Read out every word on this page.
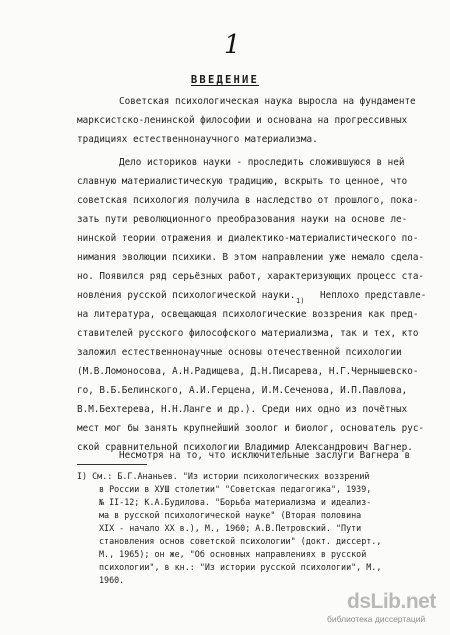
1
ВВЕДЕНИЕ
Советская психологическая наука выросла на фундаменте
марксистско-ленинской философии и основана на прогрессивных
традициях естественнонаучного материализма.
Дело историков науки - проследить сложившуюся в ней
славную материалистическую традицию, вскрыть то ценное, что
советская психология получила в наследство от прошлого, пока-
зать пути революционного преобразования науки на основе ле-
нинской теории отражения и диалектико-материалистического по-
нимания эволюции психики. В этом направлении уже немало сдела-
но. Появился ряд серьёзных работ, характеризующих процесс ста-
новления русской психологической науки. $_{1)}$ Неплохо представле-
на литература, освещающая психологические воззрения как пред-
ставителей русского философского материализма, так и тех, кто
заложил естественнонаучные основы отечественной психологии
(М.В.Ломоносова, А.Н.Радищева, Д.Н.Писарева, Н.Г.Чернышевско-
го, В.Б.Белинского, А.И.Герцена, И.М.Сеченова, И.П.Павлова,
В.М.Бехтерева, Н.Н.Ланге и др.). Среди них одно из почётных
мест мог бы занять крупнейший зоолог и биолог, основатель рус-
ской сравнительной психологии Владимир Александрович Вагнер.
Несмотря на то, что исключительные заслуги Вагнера в
I) См.: Б.Г.Ананьев. "Из истории психологических воззрений
в России в ХУШ столетии" "Советская педагогика", 1939,
№ II-12; К.А.Будилова. "Борьба материализма и идеализ-
ма в русской психологической науке" (Вторая половина
XIX - начало XX в.), М., 1960; А.В.Петровский. "Пути
становления основ советской психологии" (докт. диссерт.,
М., 1965); он же, "Об основных направлениях в русской
психологии", в кн.: "Из истории русской психологии", М.,
1960.
dsLib.net
библиотека диссертаций
